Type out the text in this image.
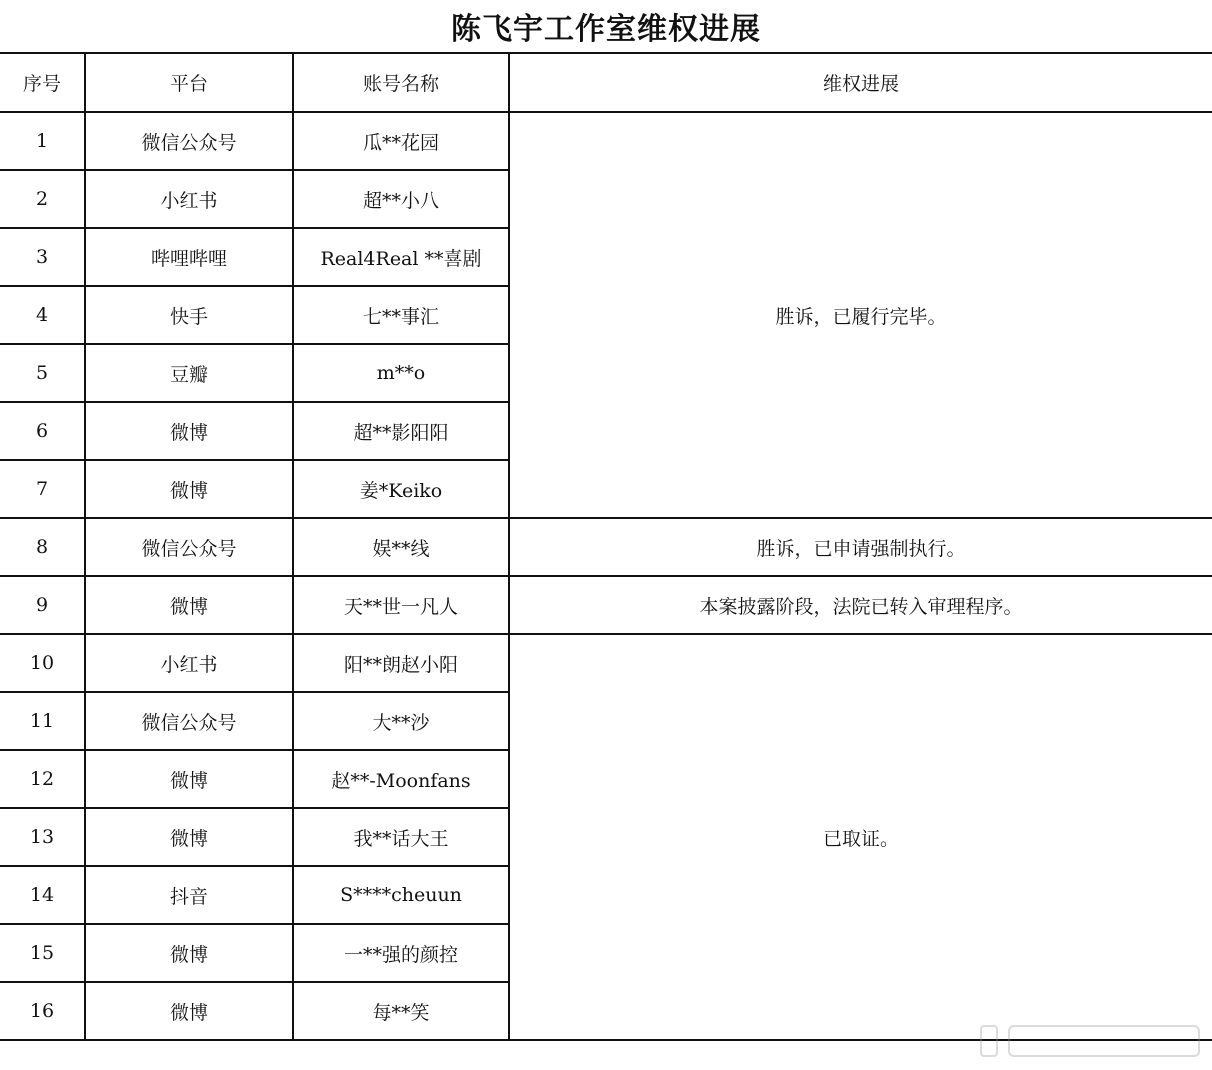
陈飞宇工作室维权进展
序号	平台	账号名称	维权进展
1	微信公众号	瓜**花园	胜诉，已履行完毕。
2	小红书	超**小八	
3	哔哩哔哩	Real4Real **喜剧	
4	快手	七**事汇	
5	豆瓣	m**o	
6	微博	超**影阳阳	
7	微博	姜*Keiko	
8	微信公众号	娱**线	胜诉，已申请强制执行。
9	微博	天**世一凡人	本案披露阶段，法院已转入审理程序。
10	小红书	阳**朗赵小阳	已取证。
11	微信公众号	大**沙	
12	微博	赵**-Moonfans	
13	微博	我**话大王	
14	抖音	S****cheuun	
15	微博	一**强的颜控	
16	微博	每**笑	
